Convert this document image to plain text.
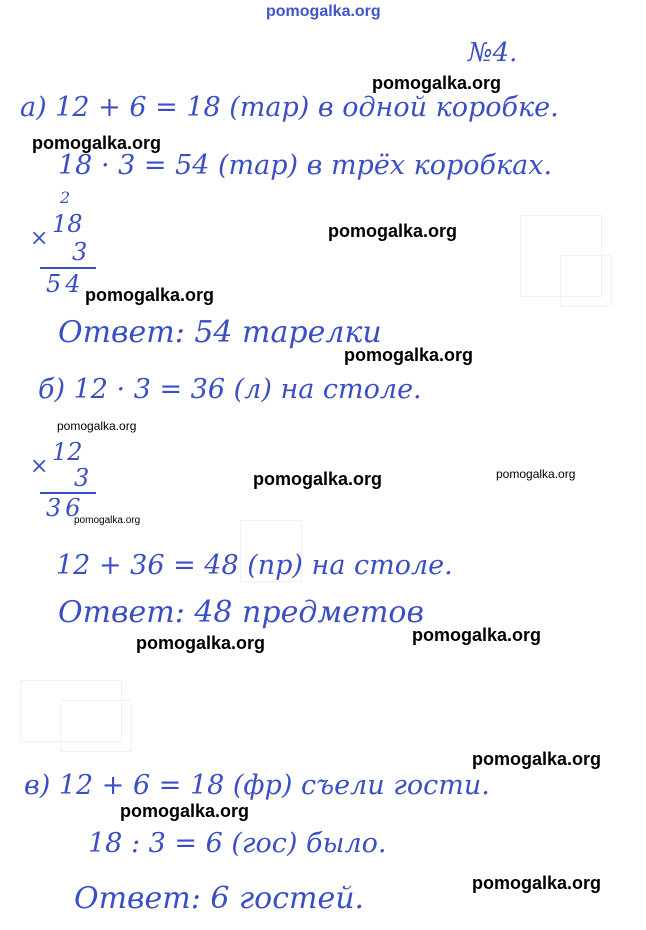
pomogalka.org
№4.
а) 12 + 6 = 18 (тар) в одной коробке.
18 · 3 = 54 (тар) в трёх коробках.
2
×
18
3
54
Ответ: 54 тарелки
б) 12 · 3 = 36 (л) на столе.
×
12
3
36
12 + 36 = 48 (пр) на столе.
Ответ: 48 предметов
в) 12 + 6 = 18 (фр) съели гости.
18 : 3 = 6 (гос) было.
Ответ: 6 гостей.
pomogalka.org
pomogalka.org
pomogalka.org
pomogalka.org
pomogalka.org
pomogalka.org
pomogalka.org	pomogalka.org
pomogalka.org
pomogalka.org
pomogalka.org
pomogalka.org
pomogalka.org
pomogalka.org
